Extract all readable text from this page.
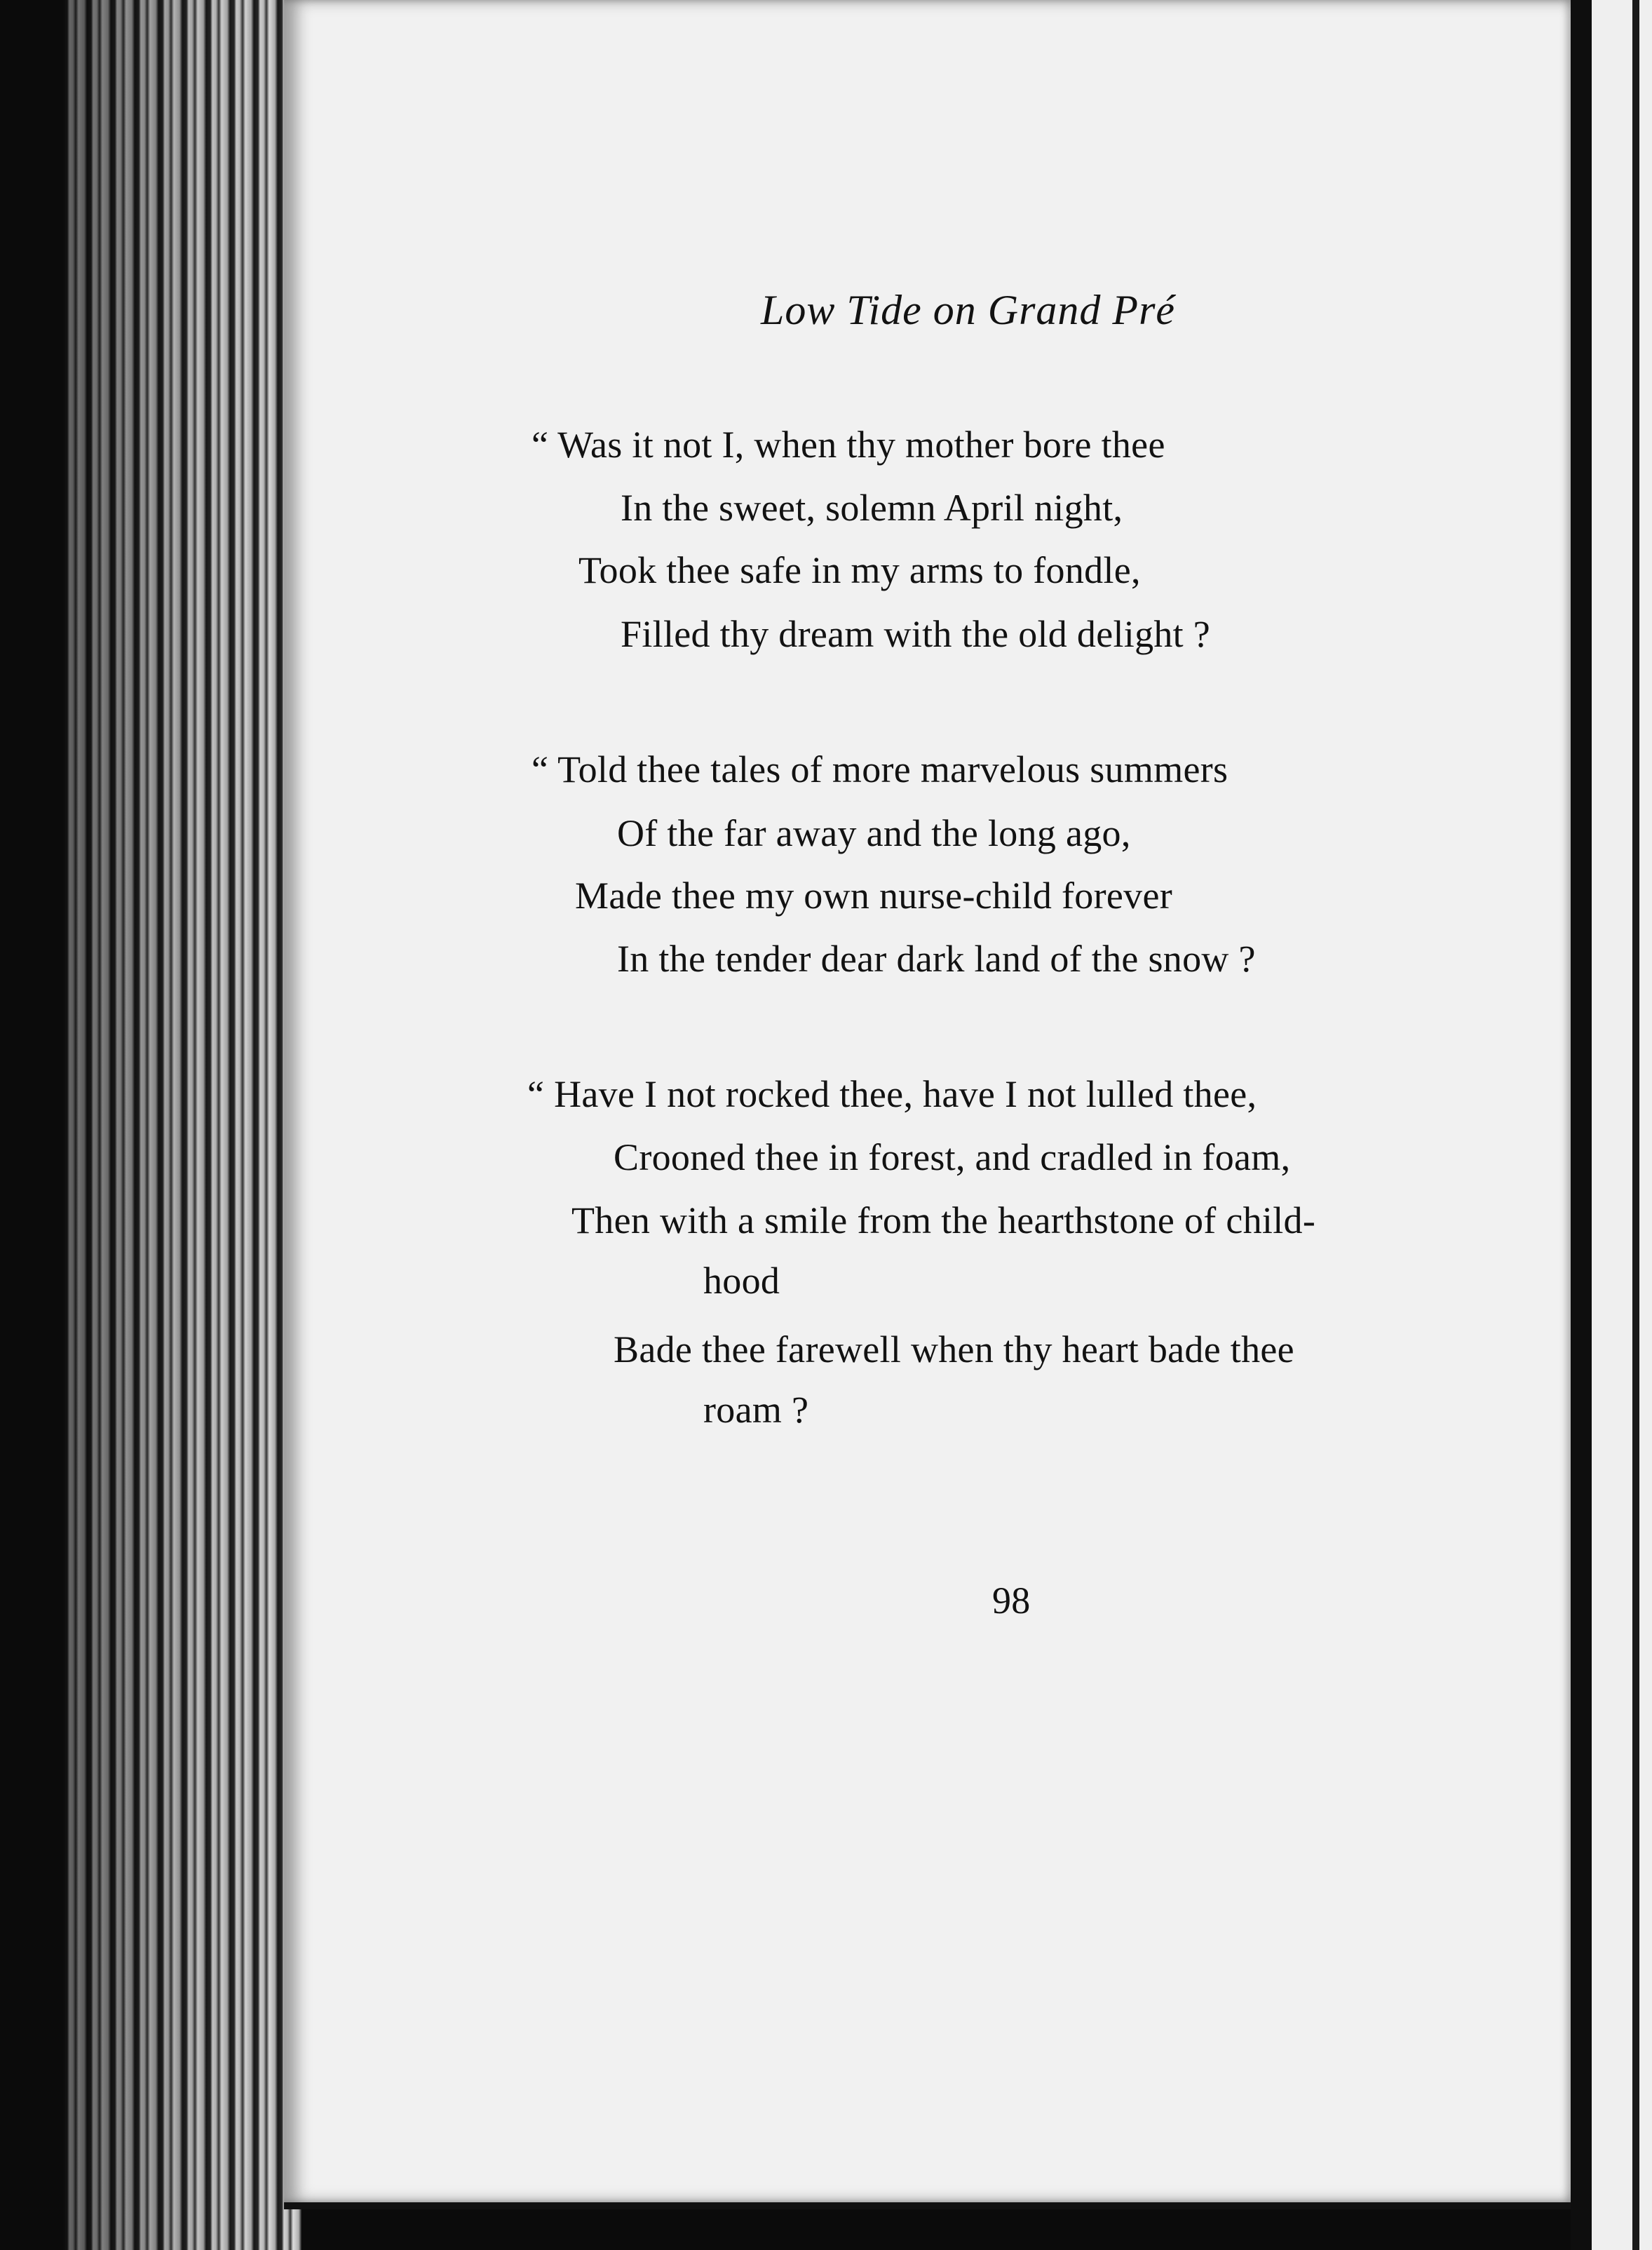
Low Tide on Grand Pré
“ Was it not I, when thy mother bore thee
In the sweet, solemn April night,
Took thee safe in my arms to fondle,
Filled thy dream with the old delight ?
“ Told thee tales of more marvelous summers
Of the far away and the long ago,
Made thee my own nurse-child forever
In the tender dear dark land of the snow ?
“ Have I not rocked thee, have I not lulled thee,
Crooned thee in forest, and cradled in foam,
Then with a smile from the hearthstone of child-
hood
Bade thee farewell when thy heart bade thee
roam ?
98
